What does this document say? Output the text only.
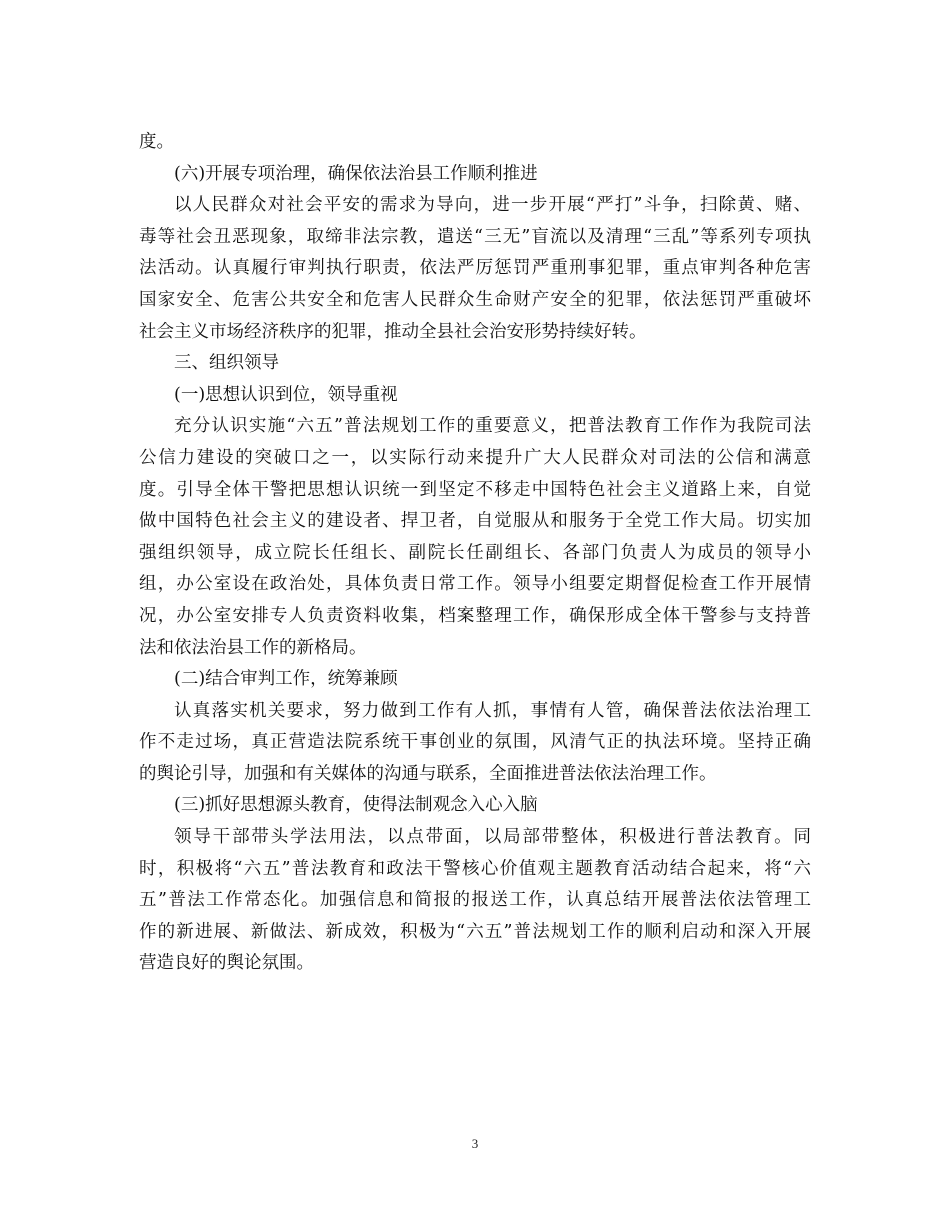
度。

(六)开展专项治理，确保依法治县工作顺利推进

以人民群众对社会平安的需求为导向，进一步开展“严打”斗争，扫除黄、赌、
毒等社会丑恶现象，取缔非法宗教，遣送“三无”盲流以及清理“三乱”等系列专项执
法活动。认真履行审判执行职责，依法严厉惩罚严重刑事犯罪，重点审判各种危害
国家安全、危害公共安全和危害人民群众生命财产安全的犯罪，依法惩罚严重破坏
社会主义市场经济秩序的犯罪，推动全县社会治安形势持续好转。

三、组织领导

(一)思想认识到位，领导重视

充分认识实施“六五”普法规划工作的重要意义，把普法教育工作作为我院司法
公信力建设的突破口之一，以实际行动来提升广大人民群众对司法的公信和满意
度。引导全体干警把思想认识统一到坚定不移走中国特色社会主义道路上来，自觉
做中国特色社会主义的建设者、捍卫者，自觉服从和服务于全党工作大局。切实加
强组织领导，成立院长任组长、副院长任副组长、各部门负责人为成员的领导小
组，办公室设在政治处，具体负责日常工作。领导小组要定期督促检查工作开展情
况，办公室安排专人负责资料收集，档案整理工作，确保形成全体干警参与支持普
法和依法治县工作的新格局。

(二)结合审判工作，统筹兼顾

认真落实机关要求，努力做到工作有人抓，事情有人管，确保普法依法治理工
作不走过场，真正营造法院系统干事创业的氛围，风清气正的执法环境。坚持正确
的舆论引导，加强和有关媒体的沟通与联系，全面推进普法依法治理工作。

(三)抓好思想源头教育，使得法制观念入心入脑

领导干部带头学法用法，以点带面，以局部带整体，积极进行普法教育。同
时，积极将“六五”普法教育和政法干警核心价值观主题教育活动结合起来，将“六
五”普法工作常态化。加强信息和简报的报送工作，认真总结开展普法依法管理工
作的新进展、新做法、新成效，积极为“六五”普法规划工作的顺利启动和深入开展
营造良好的舆论氛围。

3
